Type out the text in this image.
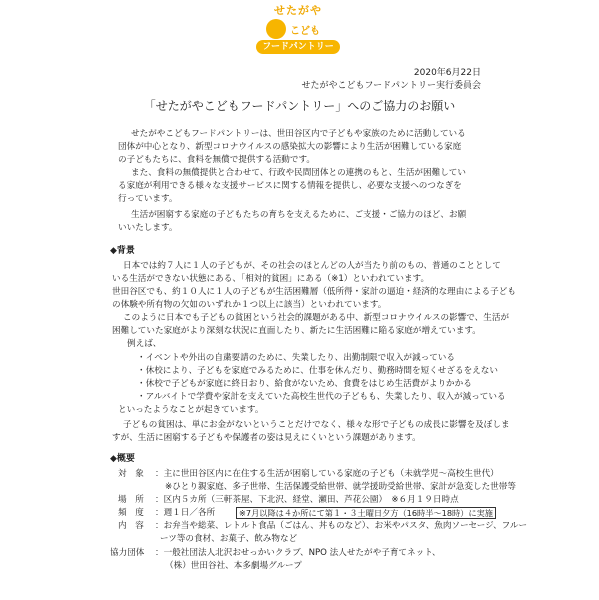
せたがや
こども
フードパントリー
2020年6月22日
せたがやこどもフードパントリー実行委員会
「せたがやこどもフードパントリー」へのご協力のお願い
せたがやこどもフードパントリーは、世田谷区内で子どもや家族のために活動している
団体が中心となり、新型コロナウイルスの感染拡大の影響により生活が困難している家庭
の子どもたちに、食料を無償で提供する活動です。
また、食料の無償提供と合わせて、行政や民間団体との連携のもと、生活が困難してい
る家庭が利用できる様々な支援サービスに関する情報を提供し、必要な支援へのつなぎを
行っています。
生活が困窮する家庭の子どもたちの育ちを支えるために、ご支援・ご協力のほど、お願
いいたします。
◆背景
日本では約７人に１人の子どもが、その社会のほとんどの人が当たり前のもの、普通のこととして
いる生活ができない状態にある、「相対的貧困」にある（※1）といわれています。
世田谷区でも、約１０人に１人の子どもが生活困難層（低所得・家計の逼迫・経済的な理由による子ども
の体験や所有物の欠如のいずれか１つ以上に該当）といわれています。
このように日本でも子どもの貧困という社会的課題がある中、新型コロナウイルスの影響で、生活が
困難していた家庭がより深刻な状況に直面したり、新たに生活困難に陥る家庭が増えています。
例えば、
・イベントや外出の自粛要請のために、失業したり、出勤制限で収入が減っている
・休校により、子どもを家庭でみるために、仕事を休んだり、勤務時間を短くせざるをえない
・休校で子どもが家庭に終日おり、給食がないため、食費をはじめ生活費がよりかかる
・アルバイトで学費や家計を支えていた高校生世代の子どもも、失業したり、収入が減っている
といったようなことが起きています。
子どもの貧困は、単にお金がないということだけでなく、様々な形で子どもの成長に影響を及ぼしま
すが、生活に困窮する子どもや保護者の姿は見えにくいという課題があります。
◆概要
対　象 ：主に世田谷区内に在住する生活が困窮している家庭の子ども（未就学児〜高校生世代）
※ひとり親家庭、多子世帯、生活保護受給世帯、就学援助受給世帯、家計が急変した世帯等
場　所 ：区内５カ所（三軒茶屋、下北沢、経堂、瀬田、芦花公園）　※６月１９日時点
頻　度 ：週１日／各所	※7月以降は４か所にて第１・３土曜日夕方（16時半〜18時）に実施
内　容 ：お弁当や総菜、レトルト食品（ごはん、丼ものなど）、お米やパスタ、魚肉ソーセージ、フルー
ーツ等の食材、お菓子、飲み物など
協力団体 ：一般社団法人北沢おせっかいクラブ、NPO 法人せたがや子育てネット、
（株）世田谷社、本多劇場グループ
